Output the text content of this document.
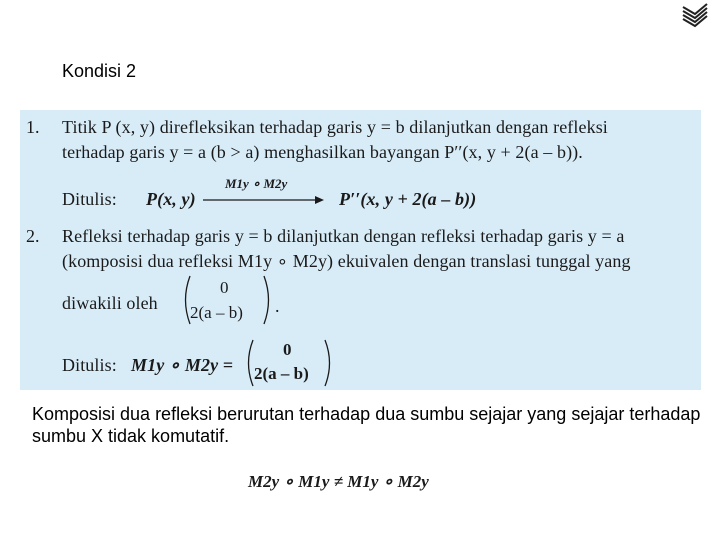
Kondisi 2
1. Titik P (x, y) direfleksikan terhadap garis y = b dilanjutkan dengan refleksi
terhadap garis y = a (b > a) menghasilkan bayangan P′′(x, y + 2(a – b)).
Ditulis: P(x, y)
M1y ∘ M2y
P′′(x, y + 2(a – b))
2. Refleksi terhadap garis y = b dilanjutkan dengan refleksi terhadap garis y = a
(komposisi dua refleksi M1y ∘ M2y) ekuivalen dengan translasi tunggal yang
diwakili oleh
0
2(a – b) .
Ditulis: M1y ∘ M2y =
0
2(a – b)
Komposisi dua refleksi berurutan terhadap dua sumbu sejajar yang sejajar terhadap sumbu X tidak komutatif.
M2y ∘ M1y ≠ M1y ∘ M2y
